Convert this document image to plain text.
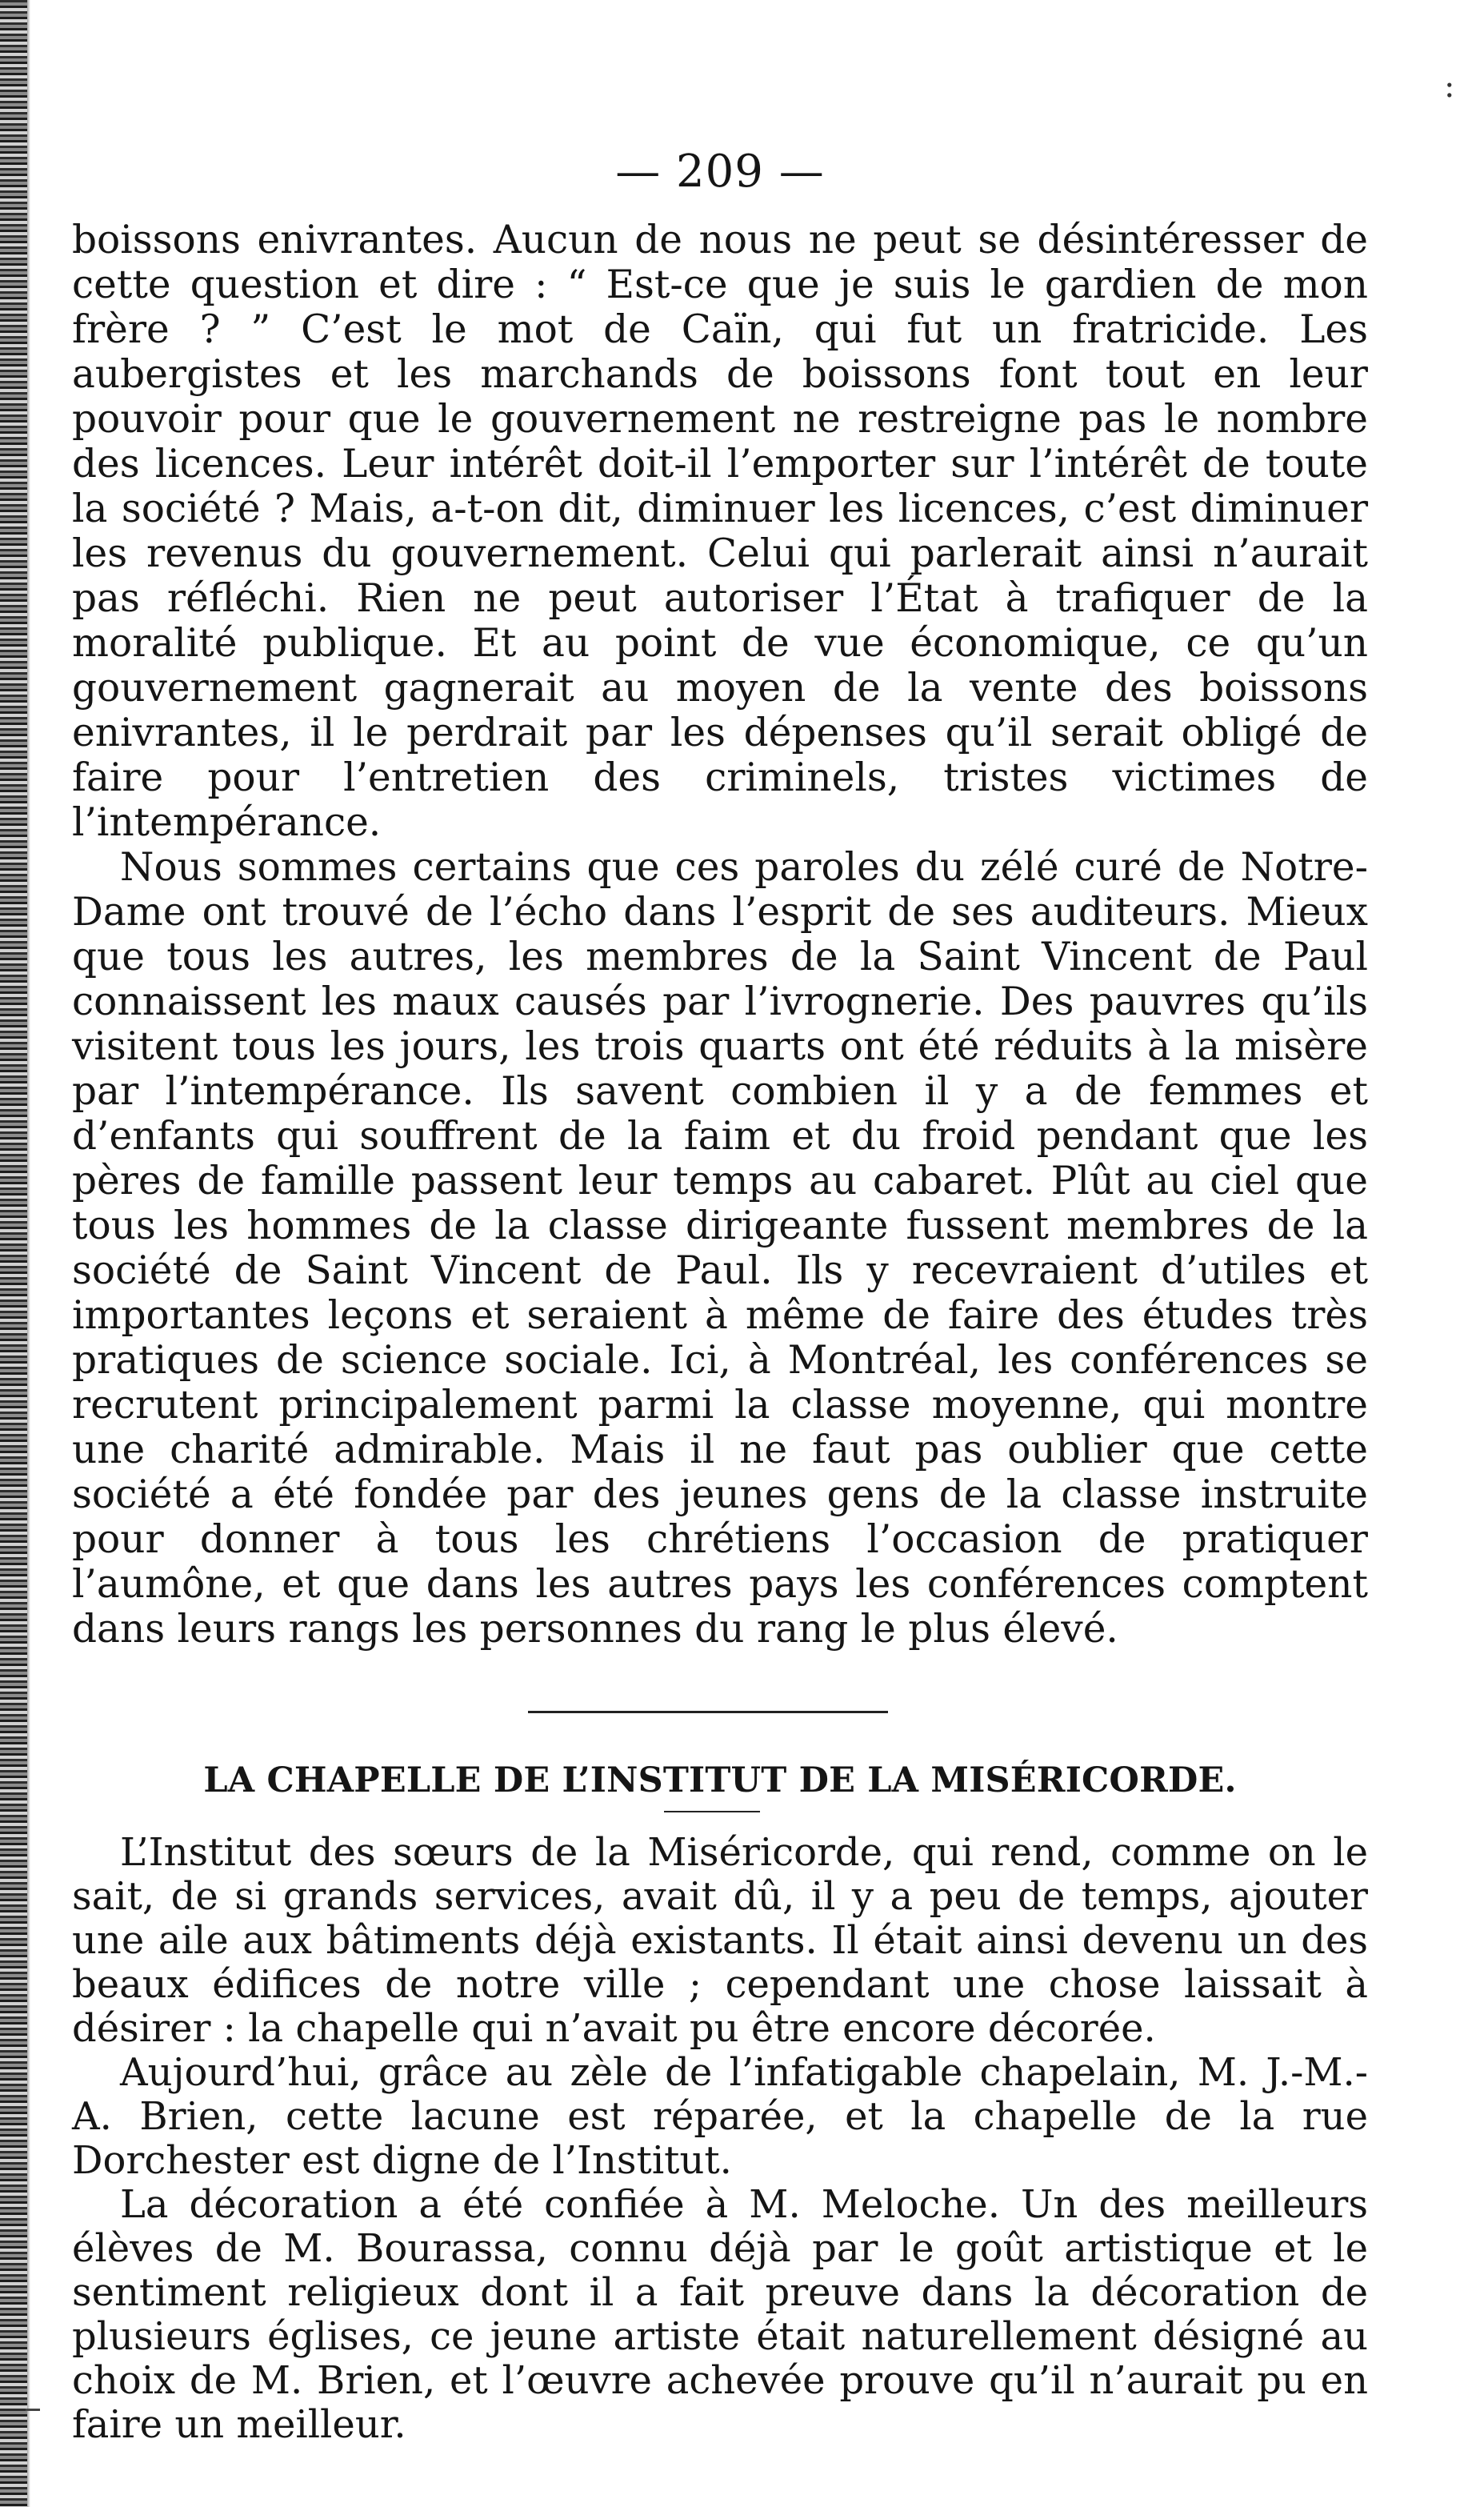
:
— 209 —

boissons enivrantes. Aucun de nous ne peut se désintéresser de cette question et dire : “ Est-ce que je suis le gardien de mon frère ? ” C’est le mot de Caïn, qui fut un fratricide. Les aubergistes et les marchands de boissons font tout en leur pouvoir pour que le gouvernement ne restreigne pas le nombre des licences. Leur intérêt doit-il l’emporter sur l’intérêt de toute la société ? Mais, a-t-on dit, diminuer les licences, c’est diminuer les revenus du gouvernement. Celui qui parlerait ainsi n’aurait pas réfléchi. Rien ne peut autoriser l’État à trafiquer de la moralité publique. Et au point de vue économique, ce qu’un gouvernement gagnerait au moyen de la vente des boissons enivrantes, il le perdrait par les dépenses qu’il serait obligé de faire pour l’entretien des criminels, tristes victimes de l’intempérance.

Nous sommes certains que ces paroles du zélé curé de Notre-Dame ont trouvé de l’écho dans l’esprit de ses auditeurs. Mieux que tous les autres, les membres de la Saint Vincent de Paul connaissent les maux causés par l’ivrognerie. Des pauvres qu’ils visitent tous les jours, les trois quarts ont été réduits à la misère par l’intempérance. Ils savent combien il y a de femmes et d’enfants qui souffrent de la faim et du froid pendant que les pères de famille passent leur temps au cabaret. Plût au ciel que tous les hommes de la classe dirigeante fussent membres de la société de Saint Vincent de Paul. Ils y recevraient d’utiles et importantes leçons et seraient à même de faire des études très pratiques de science sociale. Ici, à Montréal, les conférences se recrutent principalement parmi la classe moyenne, qui montre une charité admirable. Mais il ne faut pas oublier que cette société a été fondée par des jeunes gens de la classe instruite pour donner à tous les chrétiens l’occasion de pratiquer l’aumône, et que dans les autres pays les conférences comptent dans leurs rangs les personnes du rang le plus élevé.

LA CHAPELLE DE L’INSTITUT DE LA MISÉRICORDE.

L’Institut des sœurs de la Miséricorde, qui rend, comme on le sait, de si grands services, avait dû, il y a peu de temps, ajouter une aile aux bâtiments déjà existants. Il était ainsi devenu un des beaux édifices de notre ville ; cependant une chose laissait à désirer : la chapelle qui n’avait pu être encore décorée.

Aujourd’hui, grâce au zèle de l’infatigable chapelain, M. J.-M.-A. Brien, cette lacune est réparée, et la chapelle de la rue Dorchester est digne de l’Institut.

La décoration a été confiée à M. Meloche. Un des meilleurs élèves de M. Bourassa, connu déjà par le goût artistique et le sentiment religieux dont il a fait preuve dans la décoration de plusieurs églises, ce jeune artiste était naturellement désigné au choix de M. Brien, et l’œuvre achevée prouve qu’il n’aurait pu en faire un meilleur.
